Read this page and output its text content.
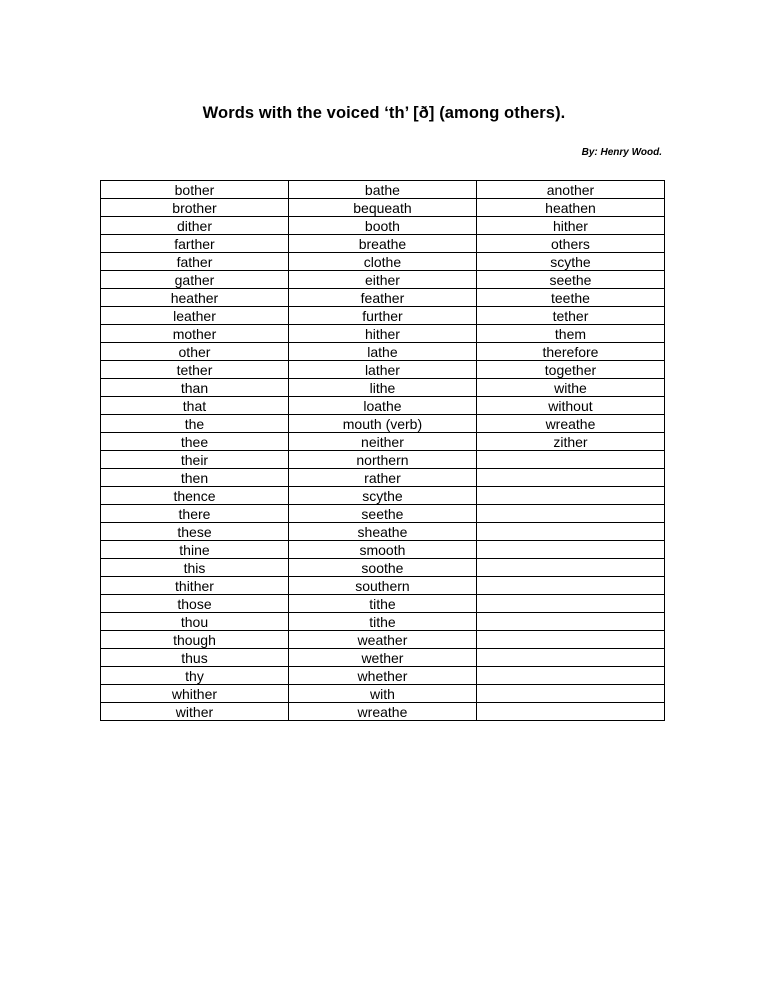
Words with the voiced ‘th’ [ð] (among others).
By: Henry Wood.
bother	bathe	another
brother	bequeath	heathen
dither	booth	hither
farther	breathe	others
father	clothe	scythe
gather	either	seethe
heather	feather	teethe
leather	further	tether
mother	hither	them
other	lathe	therefore
tether	lather	together
than	lithe	withe
that	loathe	without
the	mouth (verb)	wreathe
thee	neither	zither
their	northern	
then	rather	
thence	scythe	
there	seethe	
these	sheathe	
thine	smooth	
this	soothe	
thither	southern	
those	tithe	
thou	tithe	
though	weather	
thus	wether	
thy	whether	
whither	with	
wither	wreathe	
